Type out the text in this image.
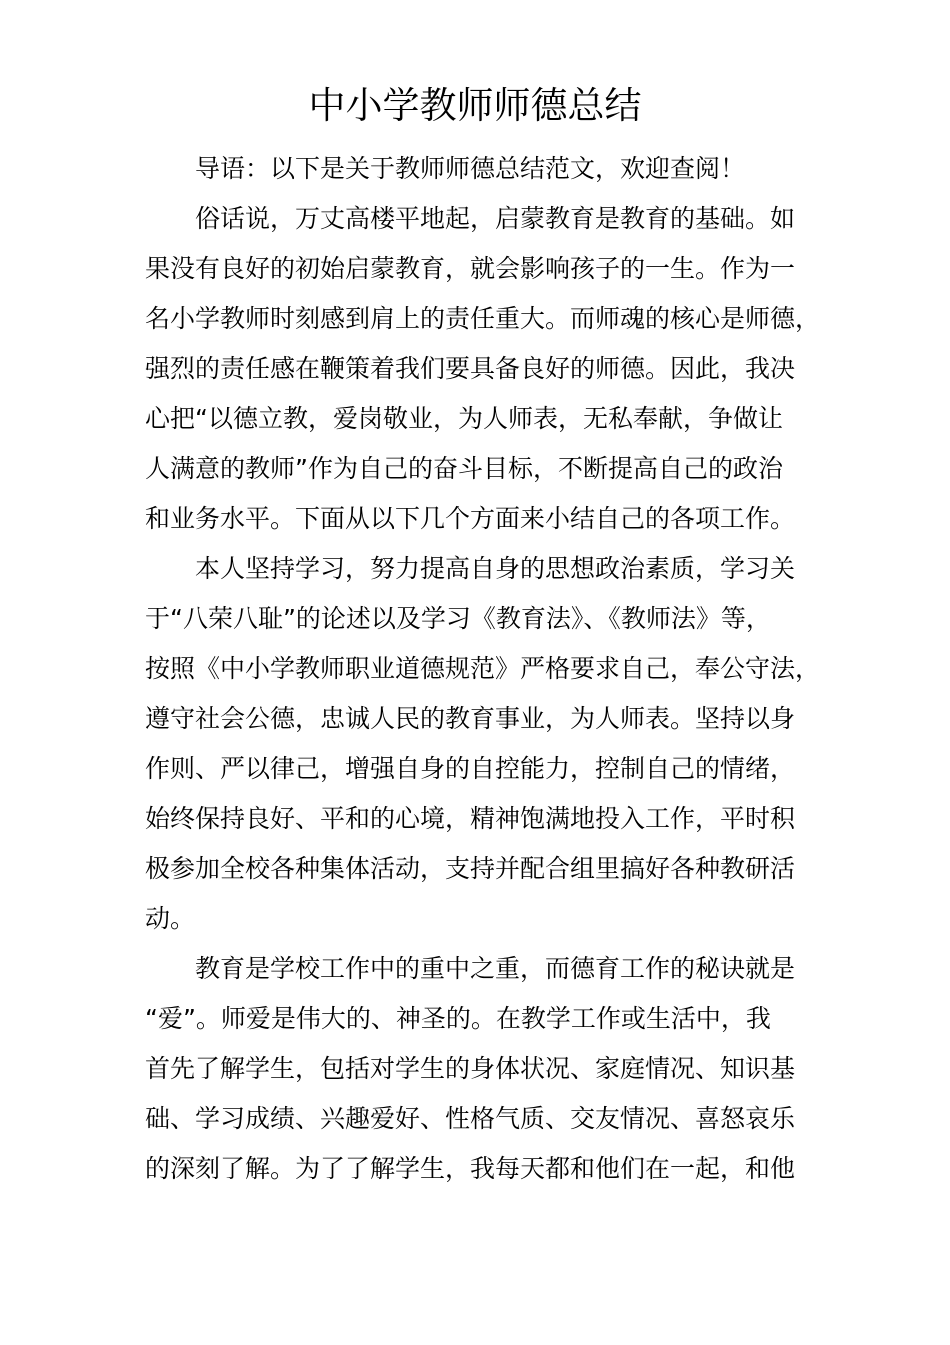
中小学教师师德总结
导语：以下是关于教师师德总结范文，欢迎查阅！
俗话说，万丈高楼平地起，启蒙教育是教育的基础。如
果没有良好的初始启蒙教育，就会影响孩子的一生。作为一
名小学教师时刻感到肩上的责任重大。而师魂的核心是师德，
强烈的责任感在鞭策着我们要具备良好的师德。因此，我决
心把“以德立教，爱岗敬业，为人师表，无私奉献，争做让
人满意的教师”作为自己的奋斗目标，不断提高自己的政治
和业务水平。下面从以下几个方面来小结自己的各项工作。
本人坚持学习，努力提高自身的思想政治素质，学习关
于“八荣八耻”的论述以及学习《教育法》、《教师法》等，
按照《中小学教师职业道德规范》严格要求自己，奉公守法，
遵守社会公德，忠诚人民的教育事业，为人师表。坚持以身
作则、严以律己，增强自身的自控能力，控制自己的情绪，
始终保持良好、平和的心境，精神饱满地投入工作，平时积
极参加全校各种集体活动，支持并配合组里搞好各种教研活
动。
教育是学校工作中的重中之重，而德育工作的秘诀就是
“爱”。师爱是伟大的、神圣的。在教学工作或生活中，我
首先了解学生，包括对学生的身体状况、家庭情况、知识基
础、学习成绩、兴趣爱好、性格气质、交友情况、喜怒哀乐
的深刻了解。为了了解学生，我每天都和他们在一起，和他
